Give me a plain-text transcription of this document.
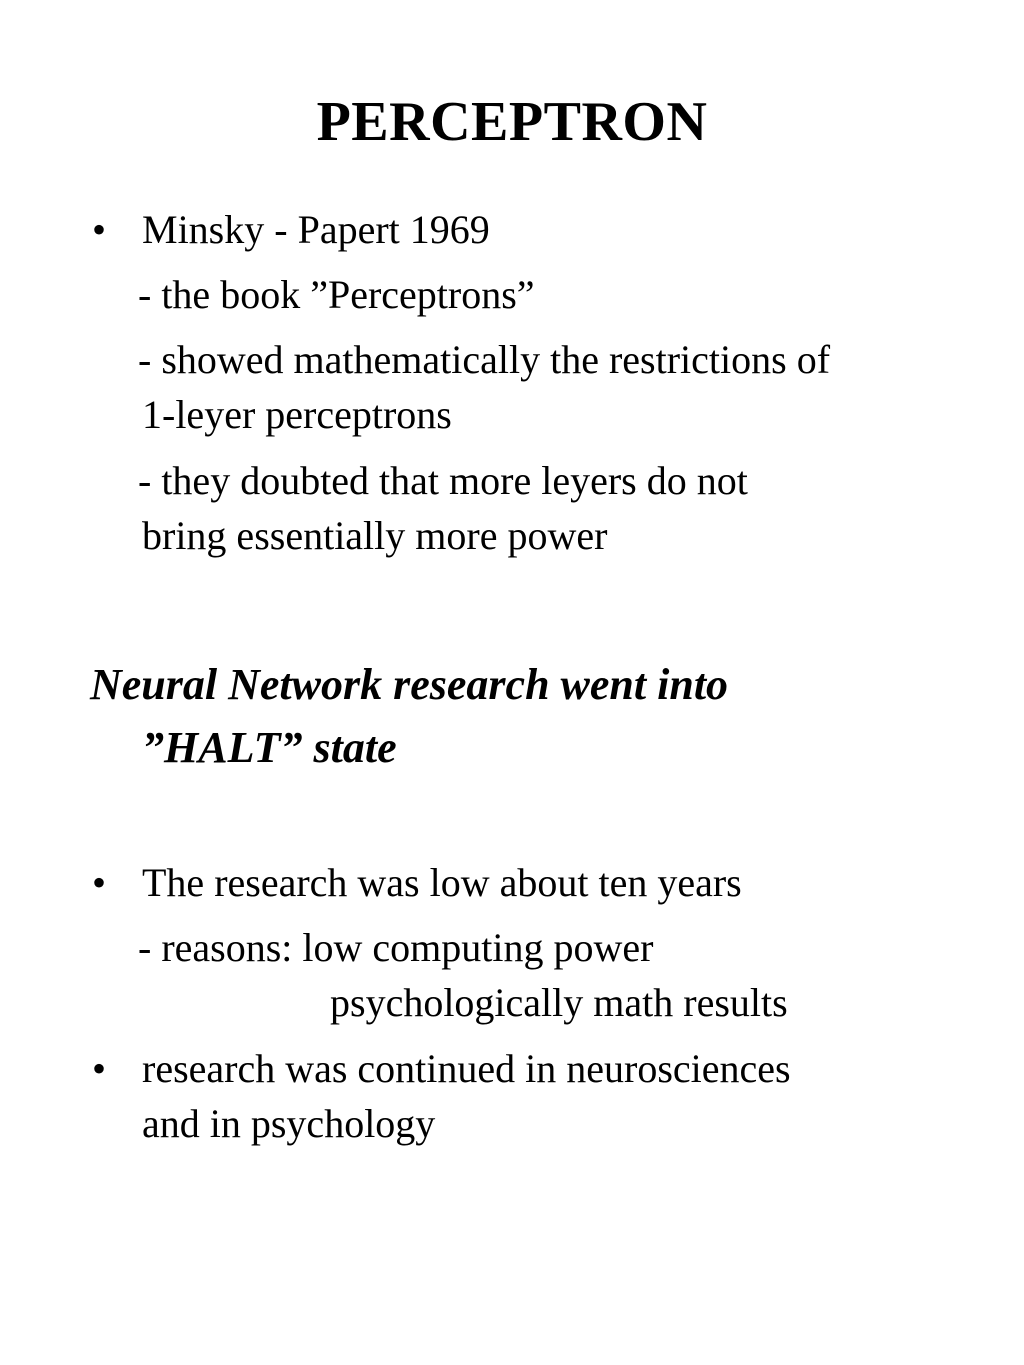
PERCEPTRON
• Minsky - Papert 1969
- the book ”Perceptrons”
- showed mathematically the restrictions of
1-leyer perceptrons
- they doubted that more leyers do not
bring essentially more power
Neural Network research went into
”HALT” state
• The research was low about ten years
- reasons: low computing power
psychologically math results
• research was continued in neurosciences
and in psychology
